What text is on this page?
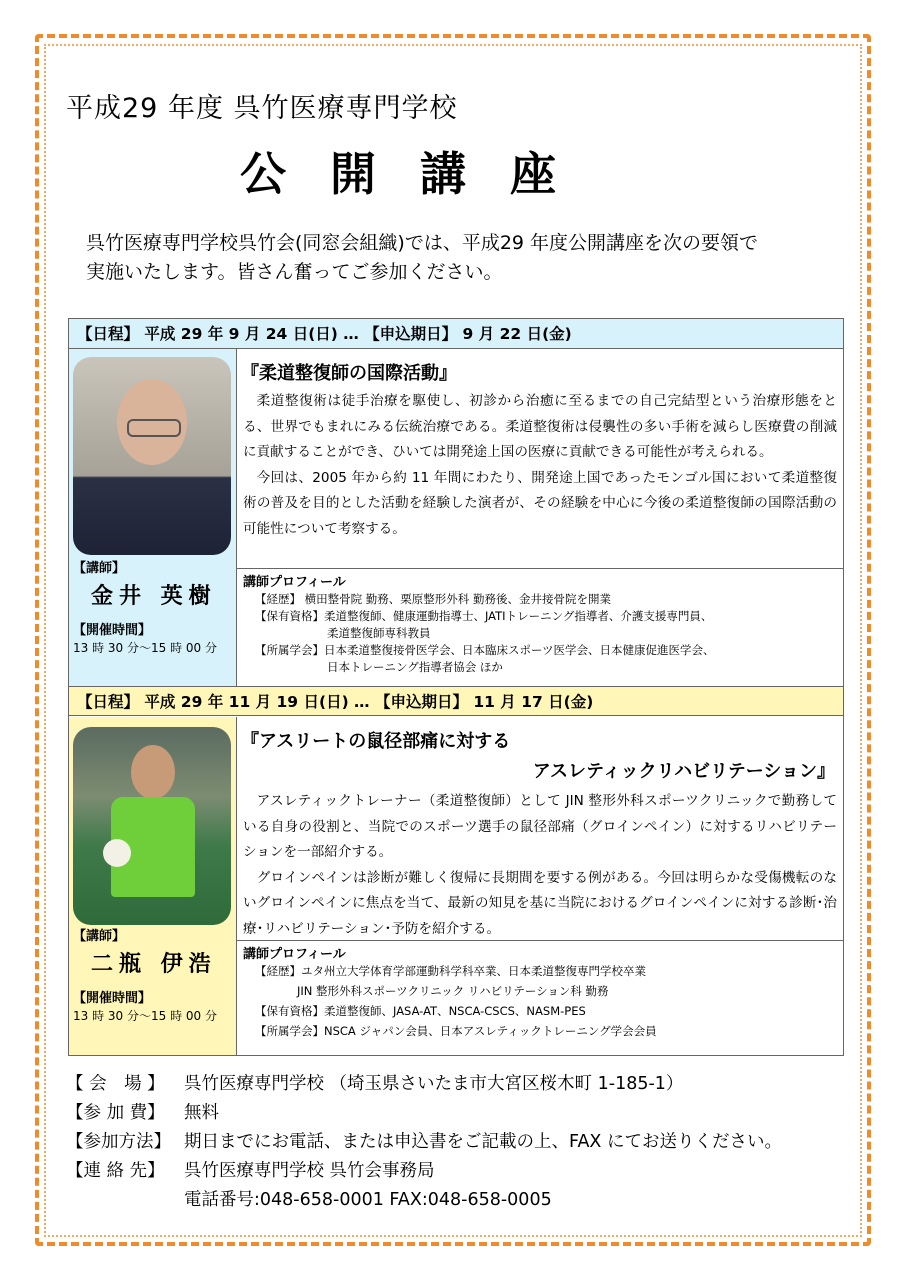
平成29 年度 呉竹医療専門学校
公開講座
呉竹医療専門学校呉竹会(同窓会組織)では、平成29 年度公開講座を次の要領で
実施いたします。皆さん奮ってご参加ください。
【日程】 平成 29 年 9 月 24 日(日) … 【申込期日】 9 月 22 日(金)
【講師】
金井 英樹
【開催時間】
13 時 30 分～15 時 00 分
『柔道整復師の国際活動』

柔道整復術は徒手治療を駆使し、初診から治癒に至るまでの自己完結型という治療形態をとる、世界でもまれにみる伝統治療である。柔道整復術は侵襲性の多い手術を減らし医療費の削減に貢献することができ、ひいては開発途上国の医療に貢献できる可能性が考えられる。

今回は、2005 年から約 11 年間にわたり、開発途上国であったモンゴル国において柔道整復術の普及を目的とした活動を経験した演者が、その経験を中心に今後の柔道整復師の国際活動の可能性について考察する。

講師プロフィール
【経歴】 横田整骨院 勤務、栗原整形外科 勤務後、金井接骨院を開業
【保有資格】柔道整復師、健康運動指導士、JATIトレーニング指導者、介護支援専門員、
柔道整復師専科教員
【所属学会】日本柔道整復接骨医学会、日本臨床スポーツ医学会、日本健康促進医学会、
日本トレーニング指導者協会 ほか
【日程】 平成 29 年 11 月 19 日(日) … 【申込期日】 11 月 17 日(金)
【講師】
二瓶 伊浩
【開催時間】
13 時 30 分～15 時 00 分
『アスリートの鼠径部痛に対する
アスレティックリハビリテーション』

アスレティックトレーナー（柔道整復師）として JIN 整形外科スポーツクリニックで勤務している自身の役割と、当院でのスポーツ選手の鼠径部痛（グロインペイン）に対するリハビリテーションを一部紹介する。

グロインペインは診断が難しく復帰に長期間を要する例がある。今回は明らかな受傷機転のないグロインペインに焦点を当て、最新の知見を基に当院におけるグロインペインに対する診断･治療･リハビリテーション･予防を紹介する。

講師プロフィール
【経歴】ユタ州立大学体育学部運動科学科卒業、日本柔道整復専門学校卒業
JIN 整形外科スポーツクリニック リハビリテーション科 勤務
【保有資格】柔道整復師、JASA-AT、NSCA-CSCS、NASM-PES
【所属学会】NSCA ジャパン会員、日本アスレティックトレーニング学会会員
【 会　場 】 呉竹医療専門学校 （埼玉県さいたま市大宮区桜木町 1-185-1）
【参 加 費】 無料
【参加方法】 期日までにお電話、または申込書をご記載の上、FAX にてお送りください。
【連 絡 先】 呉竹医療専門学校 呉竹会事務局
電話番号:048-658-0001 FAX:048-658-0005
